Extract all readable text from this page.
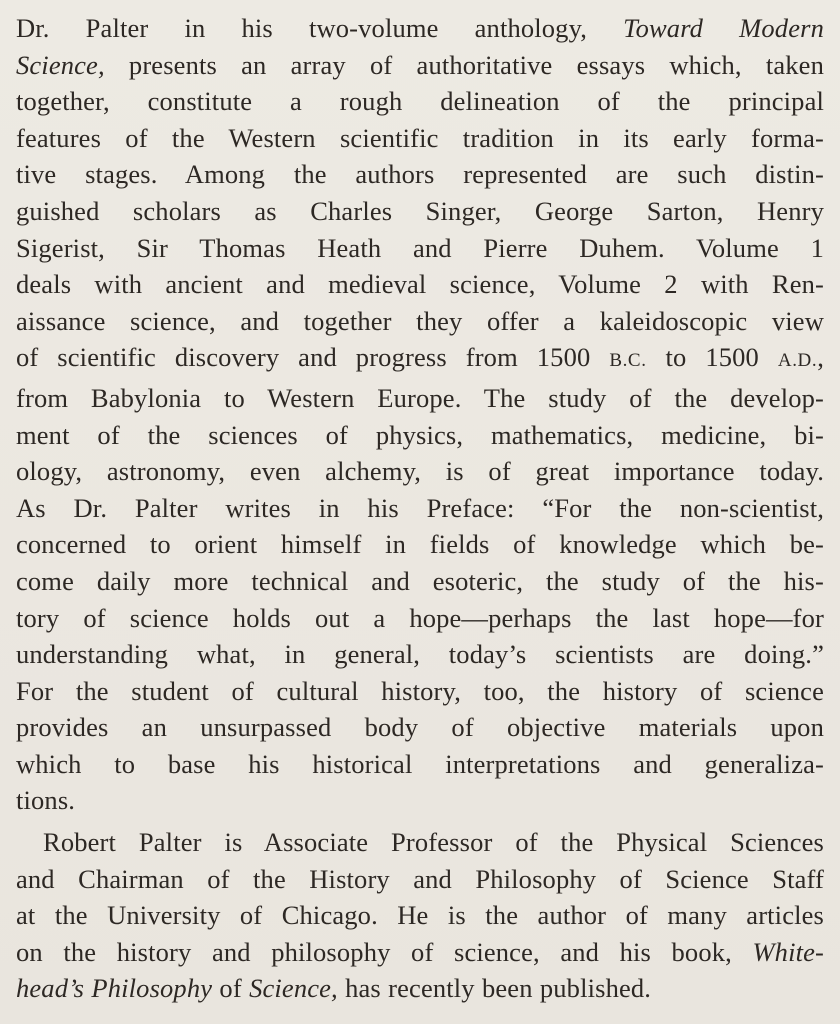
Dr. Palter in his two-volume anthology, Toward Modern
Science, presents an array of authoritative essays which, taken
together, constitute a rough delineation of the principal
features of the Western scientific tradition in its early forma-
tive stages. Among the authors represented are such distin-
guished scholars as Charles Singer, George Sarton, Henry
Sigerist, Sir Thomas Heath and Pierre Duhem. Volume 1
deals with ancient and medieval science, Volume 2 with Ren-
aissance science, and together they offer a kaleidoscopic view
of scientific discovery and progress from 1500 B.C. to 1500 A.D.,
from Babylonia to Western Europe. The study of the develop-
ment of the sciences of physics, mathematics, medicine, bi-
ology, astronomy, even alchemy, is of great importance today.
As Dr. Palter writes in his Preface: “For the non-scientist,
concerned to orient himself in fields of knowledge which be-
come daily more technical and esoteric, the study of the his-
tory of science holds out a hope—perhaps the last hope—for
understanding what, in general, today’s scientists are doing.”
For the student of cultural history, too, the history of science
provides an unsurpassed body of objective materials upon
which to base his historical interpretations and generaliza-
tions.
Robert Palter is Associate Professor of the Physical Sciences
and Chairman of the History and Philosophy of Science Staff
at the University of Chicago. He is the author of many articles
on the history and philosophy of science, and his book, White-
head’s Philosophy of Science, has recently been published.
